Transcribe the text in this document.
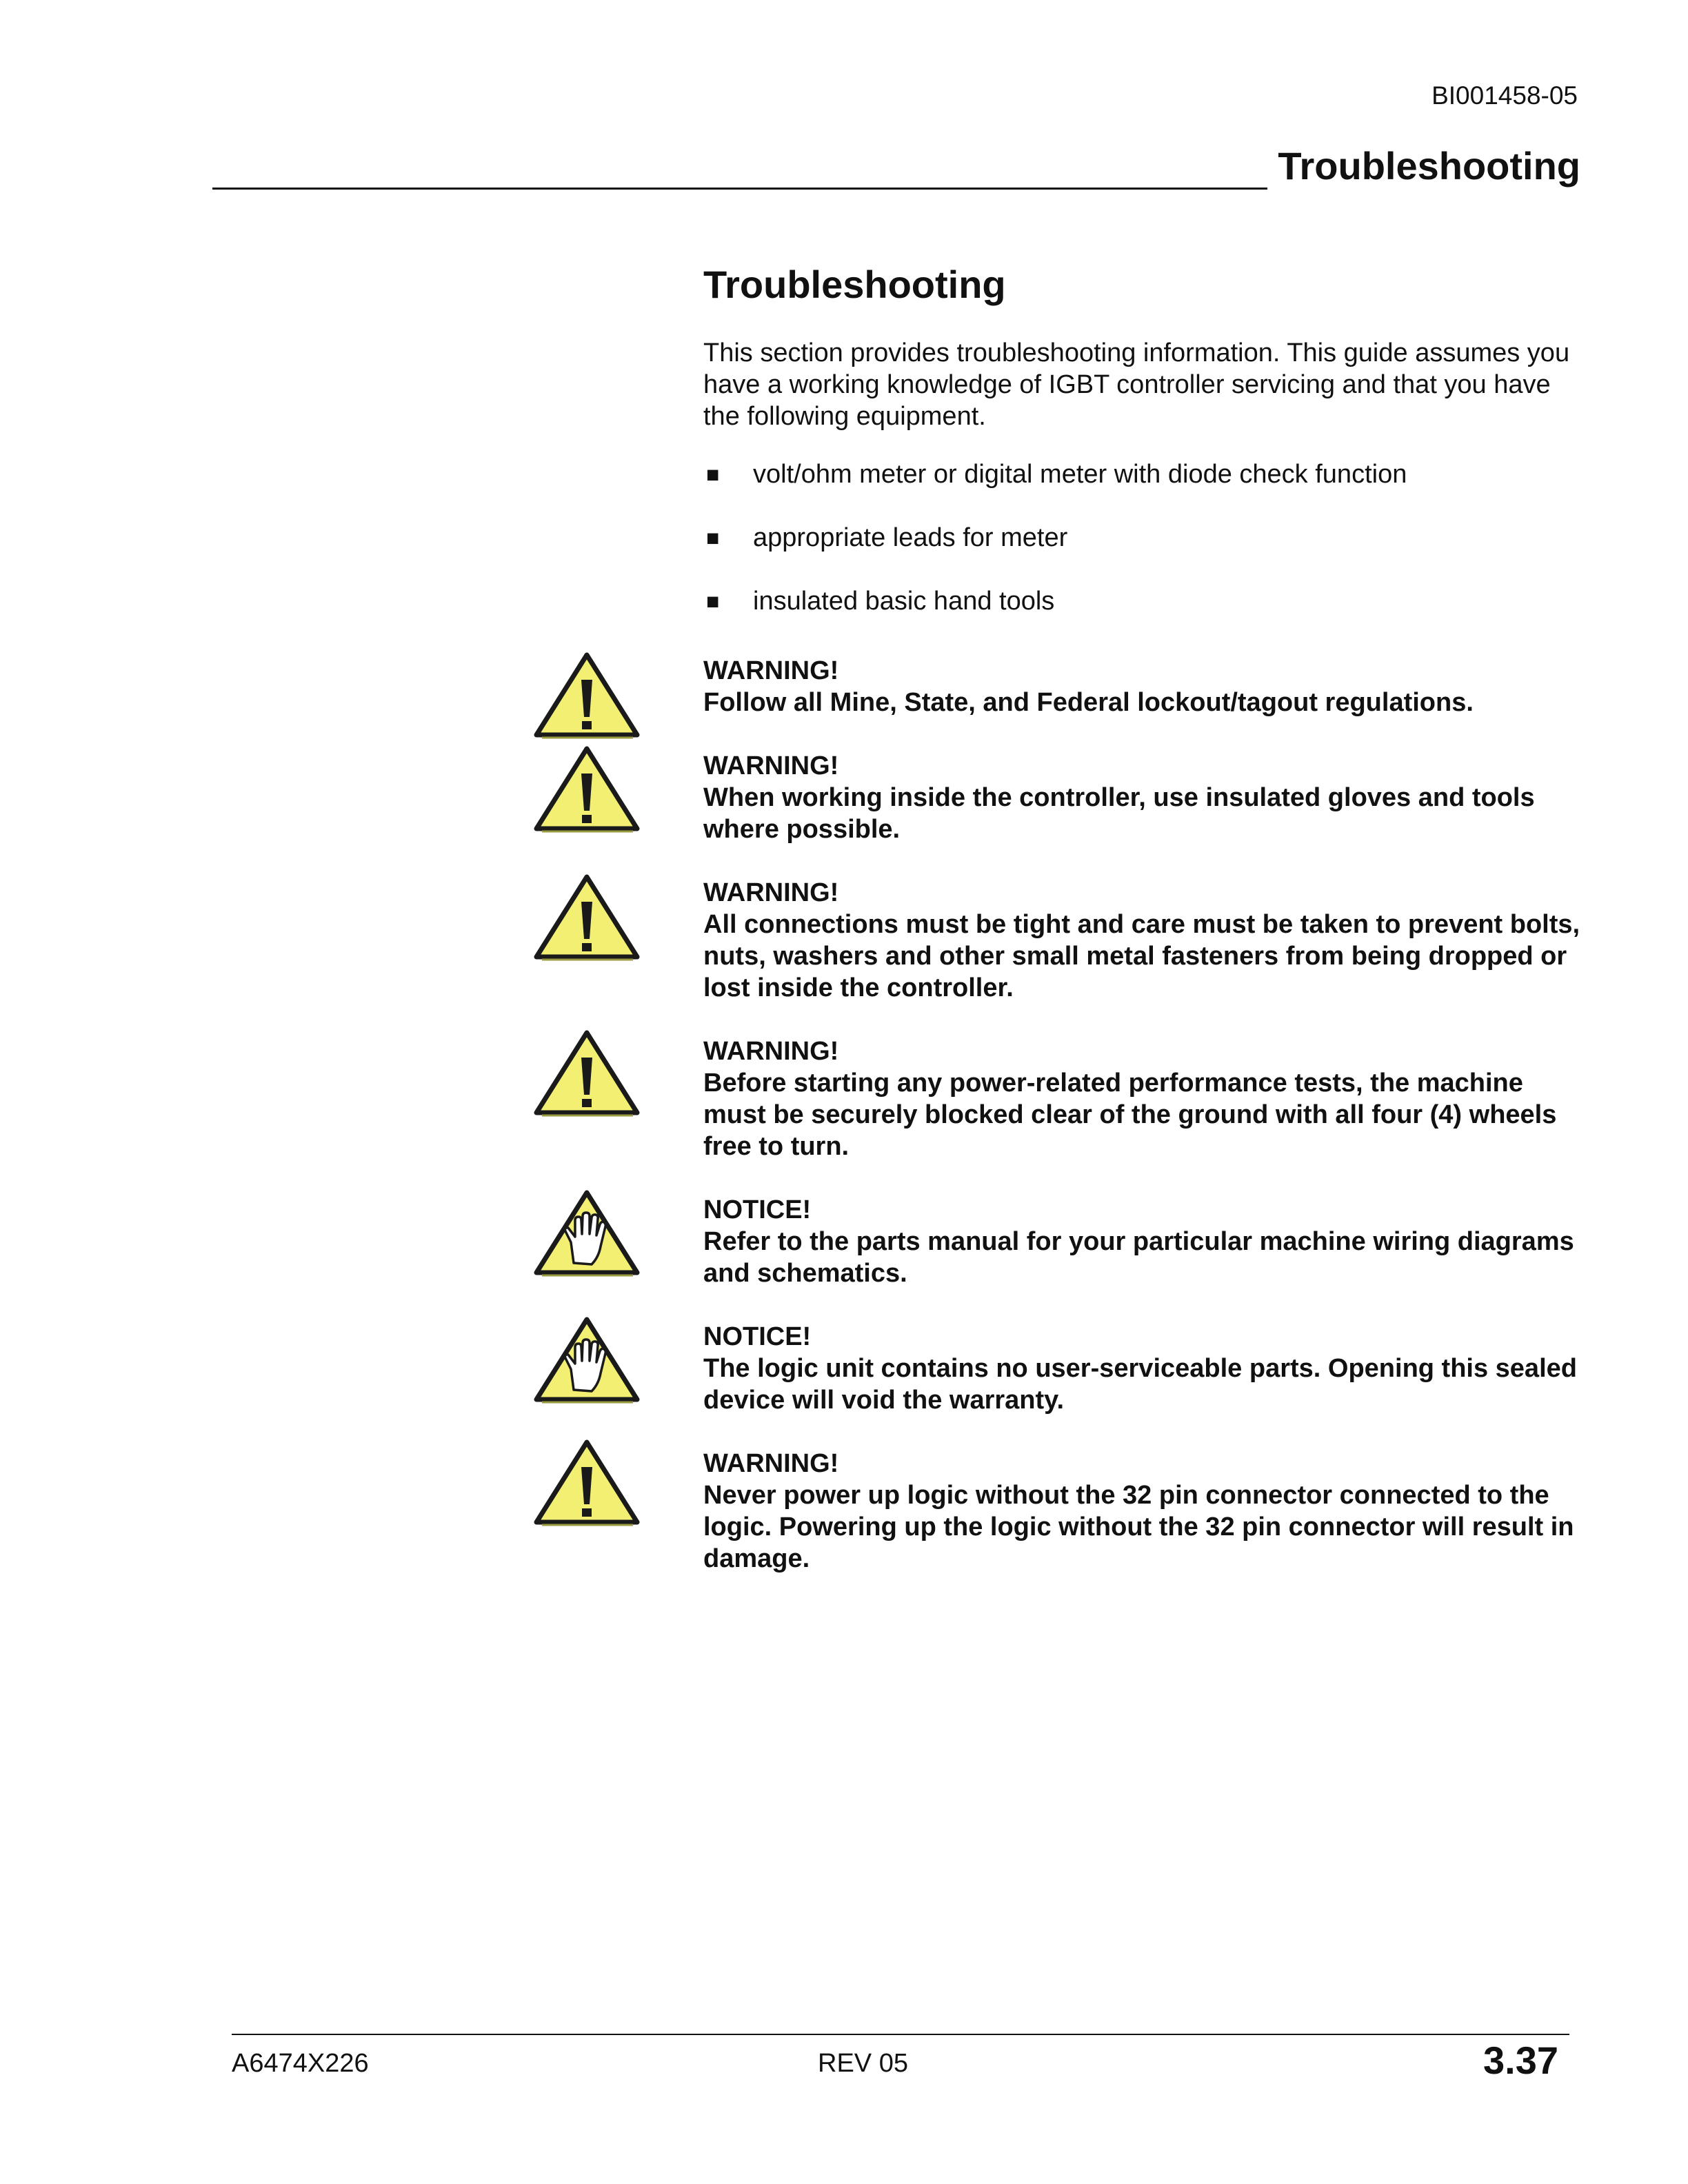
BI001458-05
Troubleshooting
Troubleshooting

This section provides troubleshooting information. This guide assumes you have a working knowledge of IGBT controller servicing and that you have the following equipment.

■ volt/ohm meter or digital meter with diode check function
■ appropriate leads for meter
■ insulated basic hand tools
WARNING!
Follow all Mine, State, and Federal lockout/tagout regulations.
WARNING!
When working inside the controller, use insulated gloves and tools where possible.
WARNING!
All connections must be tight and care must be taken to prevent bolts, nuts, washers and other small metal fasteners from being dropped or lost inside the controller.
WARNING!
Before starting any power-related performance tests, the machine must be securely blocked clear of the ground with all four (4) wheels free to turn.
NOTICE!
Refer to the parts manual for your particular machine wiring diagrams and schematics.
NOTICE!
The logic unit contains no user-serviceable parts. Opening this sealed device will void the warranty.
WARNING!
Never power up logic without the 32 pin connector connected to the logic. Powering up the logic without the 32 pin connector will result in damage.
A6474X226	REV 05	3.37
